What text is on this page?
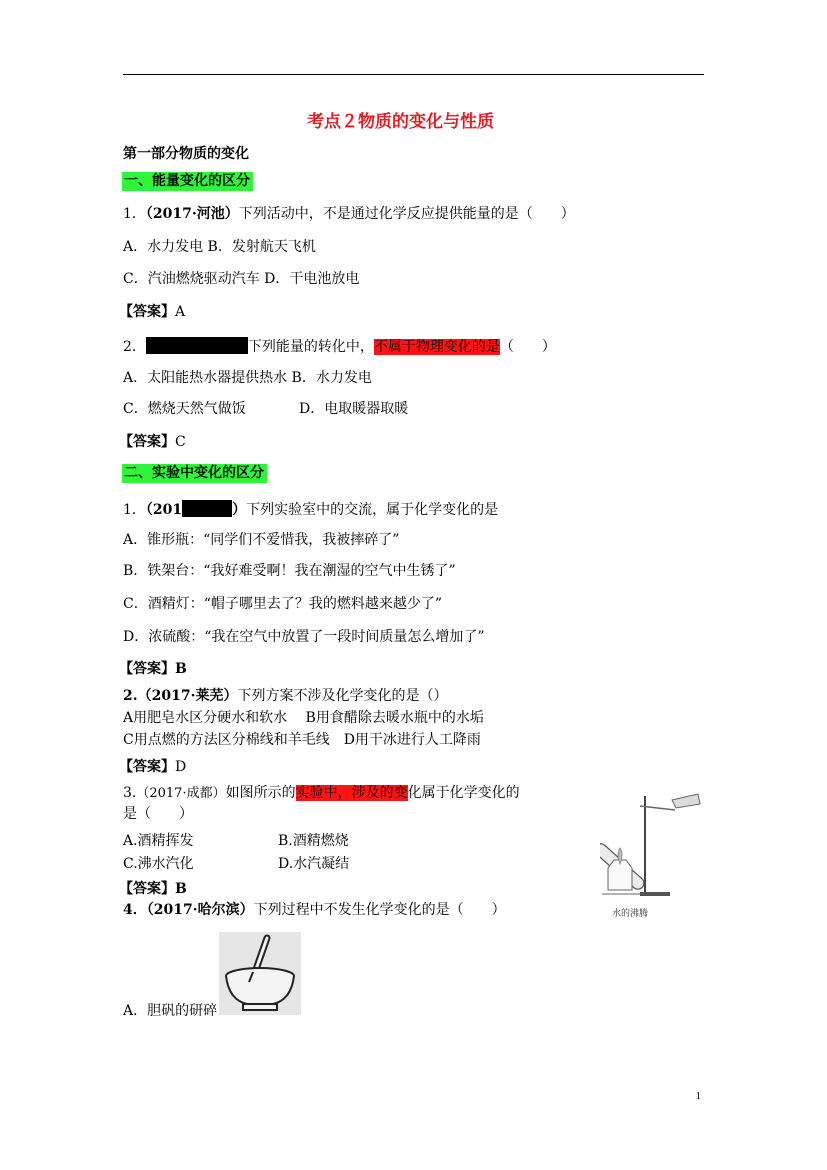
考点２物质的变化与性质
第一部分物质的变化
一、能量变化的区分
1．（2017·河池）下列活动中，不是通过化学反应提供能量的是（　　）
A．水力发电 B．发射航天飞机
C．汽油燃烧驱动汽车 D．干电池放电
【答案】A
2．	下列能量的转化中，不属于物理变化的是（　　）
A．太阳能热水器提供热水 B．水力发电
C．燃烧天然气做饭	D．电取暖器取暖
【答案】C
二、实验中变化的区分
1．（201	）下列实验室中的交流，属于化学变化的是
A．锥形瓶：“同学们不爱惜我，我被摔碎了”
B．铁架台：“我好难受啊！我在潮湿的空气中生锈了”
C．酒精灯：“帽子哪里去了？我的燃料越来越少了”
D．浓硫酸：“我在空气中放置了一段时间质量怎么增加了”
【答案】B
2.（2017·莱芜）下列方案不涉及化学变化的是（）
A用肥皂水区分硬水和软水　 B用食醋除去暖水瓶中的水垢
C用点燃的方法区分棉线和羊毛线　D用干冰进行人工降雨
【答案】D
3.（2017·成都）如图所示的实验中，涉及的变化属于化学变化的
是（　　）
A.酒精挥发	B.酒精燃烧
C.沸水汽化	D.水汽凝结
【答案】B
水的沸腾
4．（2017·哈尔滨）下列过程中不发生化学变化的是（　　）
A．胆矾的研碎
1
